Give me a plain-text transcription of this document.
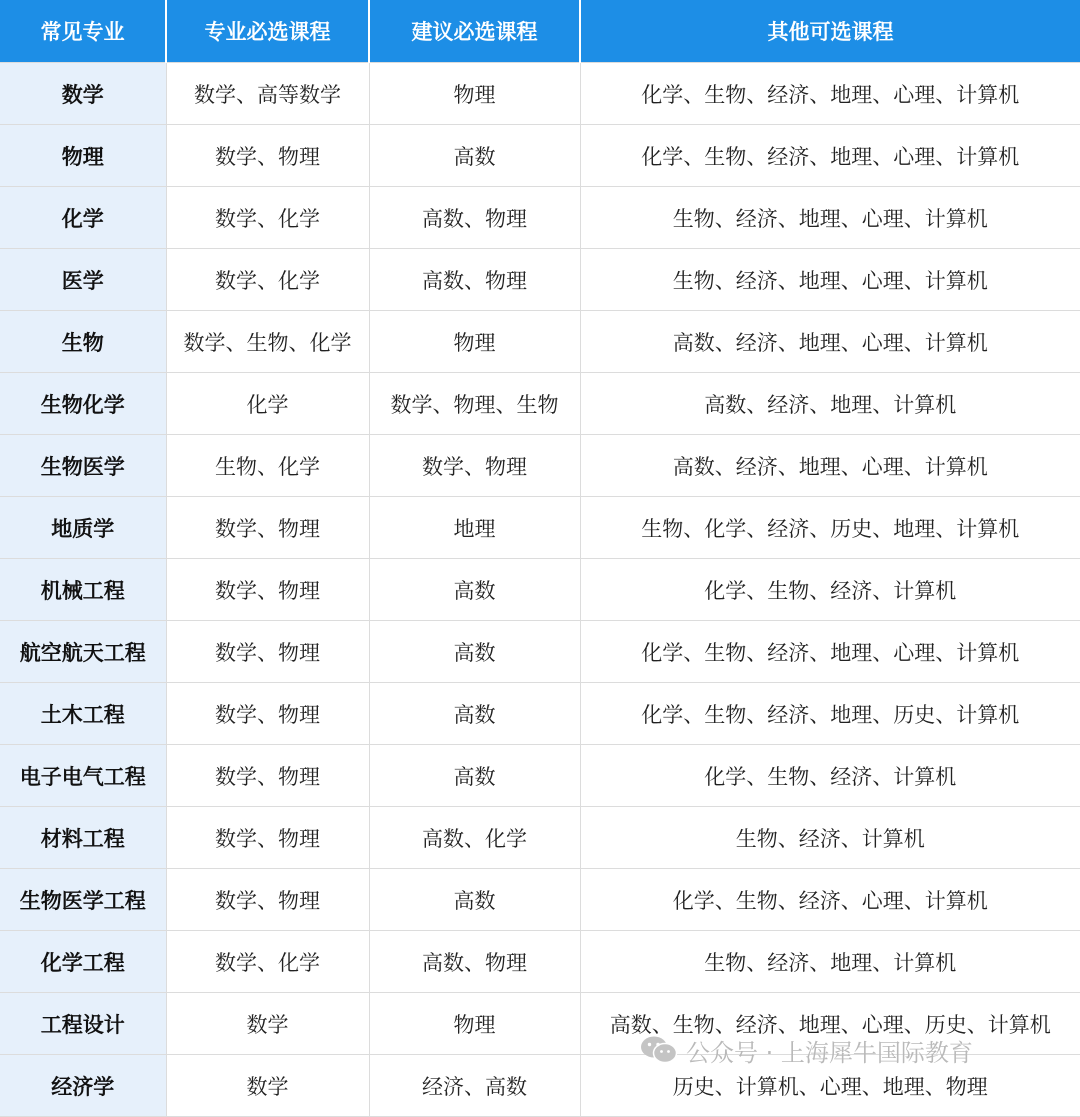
常见专业	专业必选课程	建议必选课程	其他可选课程
数学	数学、高等数学	物理	化学、生物、经济、地理、心理、计算机
物理	数学、物理	高数	化学、生物、经济、地理、心理、计算机
化学	数学、化学	高数、物理	生物、经济、地理、心理、计算机
医学	数学、化学	高数、物理	生物、经济、地理、心理、计算机
生物	数学、生物、化学	物理	高数、经济、地理、心理、计算机
生物化学	化学	数学、物理、生物	高数、经济、地理、计算机
生物医学	生物、化学	数学、物理	高数、经济、地理、心理、计算机
地质学	数学、物理	地理	生物、化学、经济、历史、地理、计算机
机械工程	数学、物理	高数	化学、生物、经济、计算机
航空航天工程	数学、物理	高数	化学、生物、经济、地理、心理、计算机
土木工程	数学、物理	高数	化学、生物、经济、地理、历史、计算机
电子电气工程	数学、物理	高数	化学、生物、经济、计算机
材料工程	数学、物理	高数、化学	生物、经济、计算机
生物医学工程	数学、物理	高数	化学、生物、经济、心理、计算机
化学工程	数学、化学	高数、物理	生物、经济、地理、计算机
工程设计	数学	物理	高数、生物、经济、地理、心理、历史、计算机
经济学	数学	经济、高数	历史、计算机、心理、地理、物理
公众号 · 上海犀牛国际教育
